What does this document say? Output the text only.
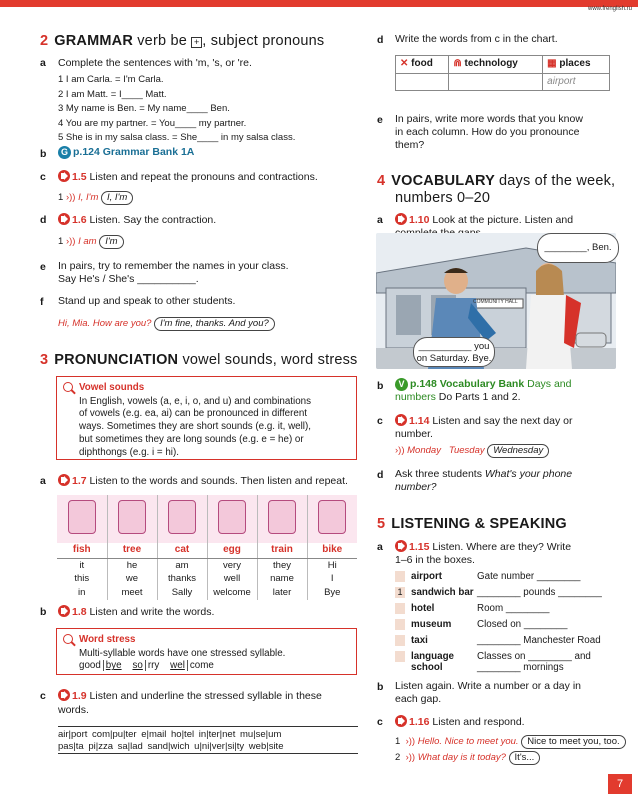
www.frenglish.ru
2 GRAMMAR verb be + , subject pronouns
a Complete the sentences with 'm, 's, or 're.
1 I am Carla. = I'm Carla.
2 I am Matt. = I____ Matt.
3 My name is Ben. = My name____ Ben.
4 You are my partner. = You____ my partner.
5 She is in my salsa class. = She____ in my salsa class.
b	G p.124 Grammar Bank 1A
c	1.5 Listen and repeat the pronouns and contractions.
1 ›)) I, I'm I, I'm
d	1.6 Listen. Say the contraction.
1 ›)) I am I'm
e In pairs, try to remember the names in your class.
Say He's / She's __________.
f Stand up and speak to other students.
Hi, Mia. How are you? I'm fine, thanks. And you?
3 PRONUNCIATION vowel sounds, word stress
Vowel sounds
In English, vowels (a, e, i, o, and u) and combinations
of vowels (e.g. ea, ai) can be pronounced in different
ways. Sometimes they are short sounds (e.g. it, well),
but sometimes they are long sounds (e.g. e = he) or
diphthongs (e.g. i = hi).
a	1.7 Listen to the words and sounds. Then listen and repeat.

fish	tree	cat	egg	train	bike
it	he	am	very	they	Hi
this	we	thanks	well	name	I
in	meet	Sally	welcome	later	Bye
b	1.8 Listen and write the words.
Word stress
Multi-syllable words have one stressed syllable.
good bye so rry wel come
c	1.9 Listen and underline the stressed syllable in these
words.
air|port com|pu|ter e|mail ho|tel in|ter|net mu|se|um
pas|ta pi|zza sa|lad sand|wich u|ni|ver|si|ty web|site
d Write the words from c in the chart.
✕ food	⋒ technology	▦ places
		airport
e In pairs, write more words that you know
in each column. How do you pronounce
them?
4 VOCABULARY days of the week,
numbers 0–20
a	1.10 Look at the picture. Listen and
COMMUNITY HALL
________, Ben.
__________ you
on Saturday. Bye.
b	V p.148 Vocabulary Bank Days and
numbers Do Parts 1 and 2.
c	1.14 Listen and say the next day or
number.
›)) Monday Tuesday Wednesday
d Ask three students What's your phone
number?
5 LISTENING & SPEAKING
a	1.15 Listen. Where are they? Write
1–6 in the boxes.
airport	Gate number ________
1 sandwich bar ________ pounds ________
hotel	Room ________
museum	Closed on ________
taxi	________ Manchester Road
language school
Classes on ________ and ________ mornings
b Listen again. Write a number or a day in
each gap.
c	1.16 Listen and respond.
1 ›)) Hello. Nice to meet you. Nice to meet you, too.
2 ›)) What day is it today? It's...
7
